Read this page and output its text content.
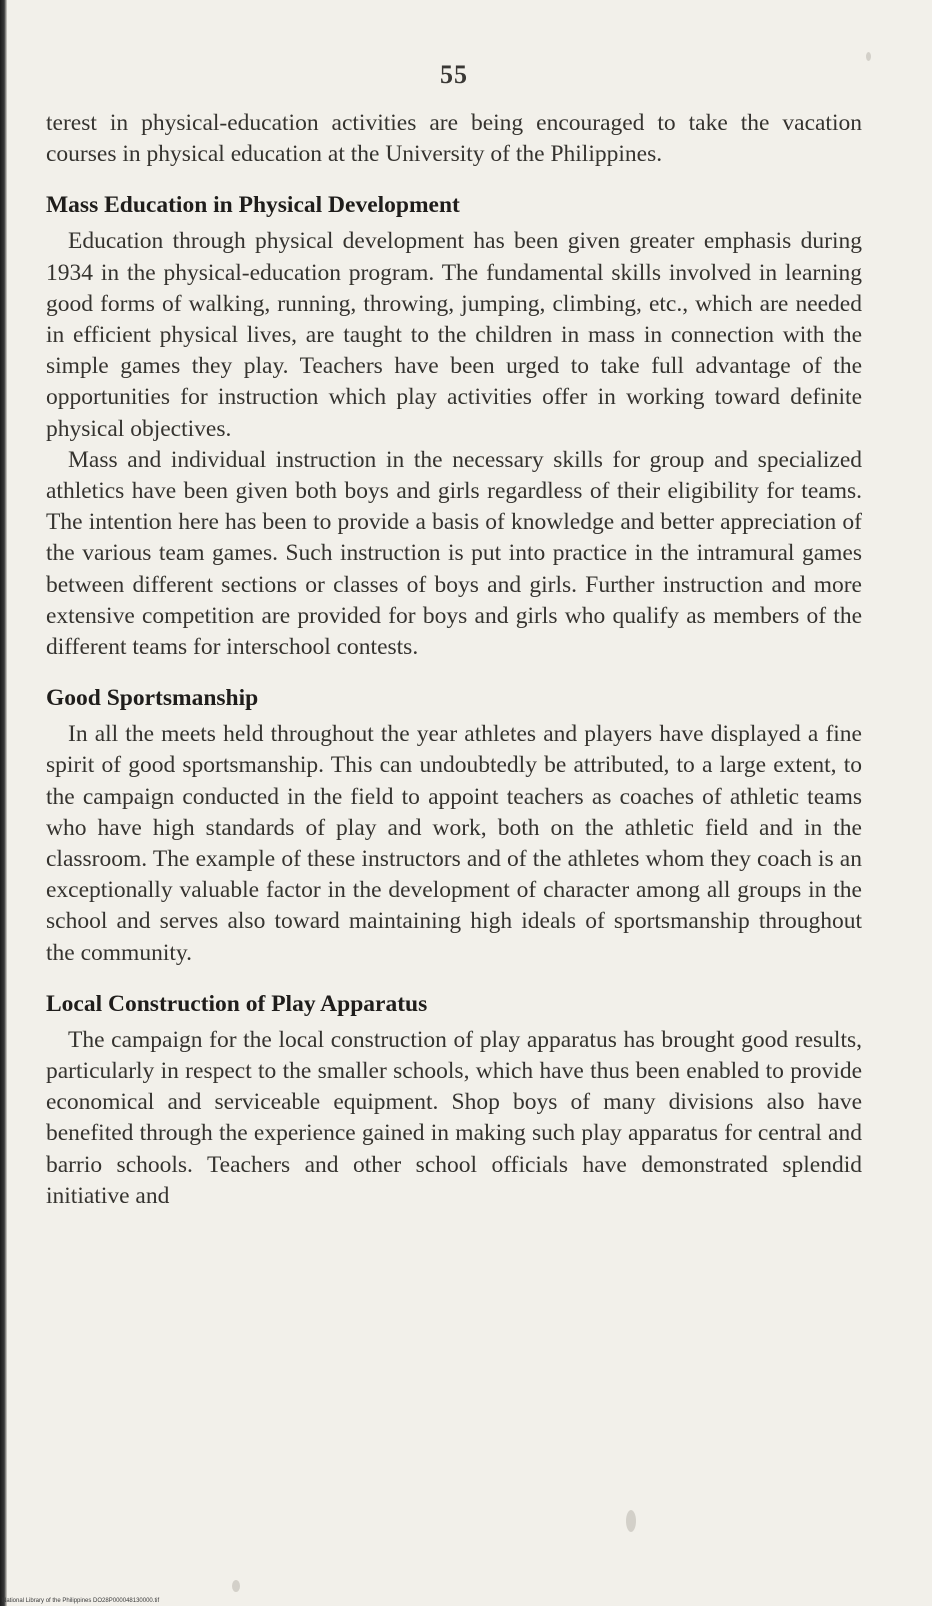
55

terest in physical-education activities are being encouraged to take the vacation courses in physical education at the University of the Philippines.

Mass Education in Physical Development

Education through physical development has been given greater emphasis during 1934 in the physical-education program. The fundamental skills involved in learning good forms of walking, running, throwing, jumping, climbing, etc., which are needed in efficient physical lives, are taught to the children in mass in connection with the simple games they play. Teachers have been urged to take full advantage of the opportunities for instruction which play activities offer in working toward definite physical objectives.

Mass and individual instruction in the necessary skills for group and specialized athletics have been given both boys and girls regardless of their eligibility for teams. The intention here has been to provide a basis of knowledge and better appreciation of the various team games. Such instruction is put into practice in the intramural games between different sections or classes of boys and girls. Further instruction and more extensive competition are provided for boys and girls who qualify as members of the different teams for interschool contests.

Good Sportsmanship

In all the meets held throughout the year athletes and players have displayed a fine spirit of good sportsmanship. This can undoubtedly be attributed, to a large extent, to the campaign conducted in the field to appoint teachers as coaches of athletic teams who have high standards of play and work, both on the athletic field and in the classroom. The example of these instructors and of the athletes whom they coach is an exceptionally valuable factor in the development of character among all groups in the school and serves also toward maintaining high ideals of sportsmanship throughout the community.

Local Construction of Play Apparatus

The campaign for the local construction of play apparatus has brought good results, particularly in respect to the smaller schools, which have thus been enabled to provide economical and serviceable equipment. Shop boys of many divisions also have benefited through the experience gained in making such play apparatus for central and barrio schools. Teachers and other school officials have demonstrated splendid initiative and

National Library of the Philippines DO28P000048130000.tif
